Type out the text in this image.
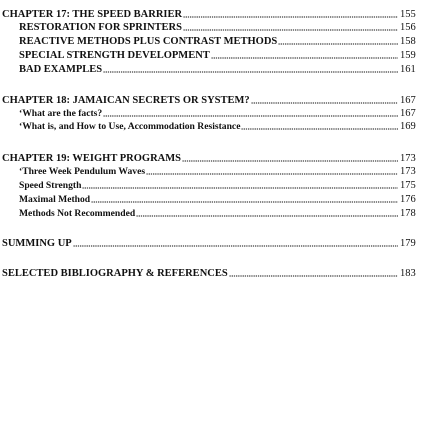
CHAPTER 17: THE SPEED BARRIER	155
RESTORATION FOR SPRINTERS	156
REACTIVE METHODS PLUS CONTRAST METHODS	158
SPECIAL STRENGTH DEVELOPMENT	159
BAD EXAMPLES	161
CHAPTER 18: JAMAICAN SECRETS OR SYSTEM?	167
‘What are the facts?	167
‘What is, and How to Use, Accommodation Resistance	169
CHAPTER 19: WEIGHT PROGRAMS	173
‘Three Week Pendulum Waves	173
Speed Strength	175
Maximal Method	176
Methods Not Recommended	178
SUMMING UP	179
SELECTED BIBLIOGRAPHY & REFERENCES	183
